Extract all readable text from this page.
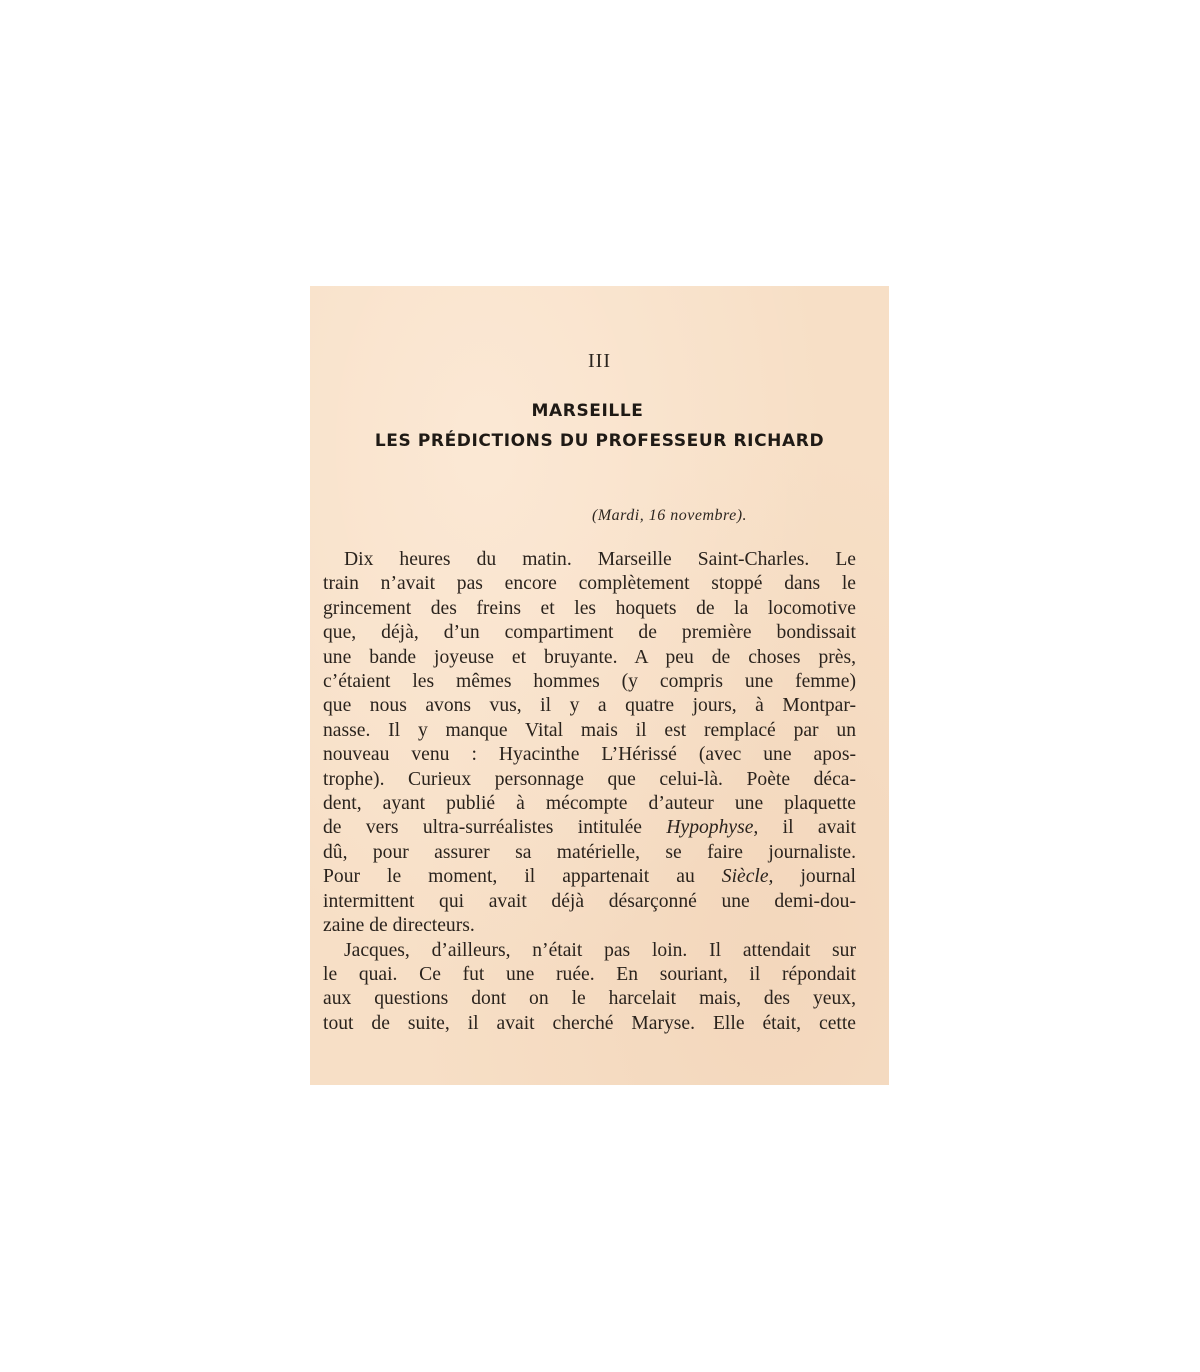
III
MARSEILLE
LES PRÉDICTIONS DU PROFESSEUR RICHARD
(Mardi, 16 novembre).

Dix heures du matin. Marseille Saint-Charles. Le
train n’avait pas encore complètement stoppé dans le
grincement des freins et les hoquets de la locomotive
que, déjà, d’un compartiment de première bondissait
une bande joyeuse et bruyante. A peu de choses près,
c’étaient les mêmes hommes (y compris une femme)
que nous avons vus, il y a quatre jours, à Montpar-
nasse. Il y manque Vital mais il est remplacé par un
nouveau venu : Hyacinthe L’Hérissé (avec une apos-
trophe). Curieux personnage que celui-là. Poète déca-
dent, ayant publié à mécompte d’auteur une plaquette
de vers ultra-surréalistes intitulée Hypophyse, il avait
dû, pour assurer sa matérielle, se faire journaliste.
Pour le moment, il appartenait au Siècle, journal
intermittent qui avait déjà désarçonné une demi-dou-
zaine de directeurs.

Jacques, d’ailleurs, n’était pas loin. Il attendait sur
le quai. Ce fut une ruée. En souriant, il répondait
aux questions dont on le harcelait mais, des yeux,
tout de suite, il avait cherché Maryse. Elle était, cette
